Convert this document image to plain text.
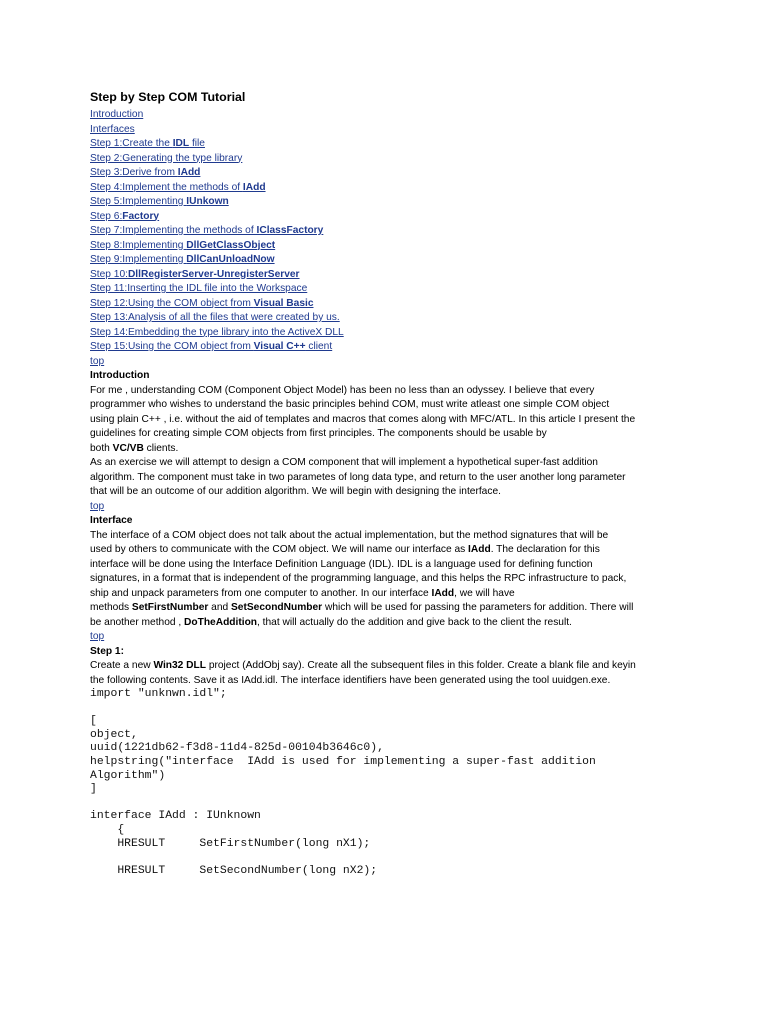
Step by Step COM Tutorial
Introduction
Interfaces
Step 1:Create the IDL file
Step 2:Generating the type library
Step 3:Derive from IAdd
Step 4:Implement the methods of IAdd
Step 5:Implementing IUnkown
Step 6:Factory
Step 7:Implementing the methods of IClassFactory
Step 8:Implementing DllGetClassObject
Step 9:Implementing DllCanUnloadNow
Step 10:DllRegisterServer-UnregisterServer
Step 11:Inserting the IDL file into the Workspace
Step 12:Using the COM object from Visual Basic
Step 13:Analysis of all the files that were created by us.
Step 14:Embedding the type library into the ActiveX DLL
Step 15:Using the COM object from Visual C++ client
top
Introduction
For me , understanding COM (Component Object Model) has been no less than an odyssey. I believe that every
programmer who wishes to understand the basic principles behind COM, must write atleast one simple COM object
using plain C++ , i.e. without the aid of templates and macros that comes along with MFC/ATL. In this article I present the
guidelines for creating simple COM objects from first principles. The components should be usable by
both VC/VB clients.
As an exercise we will attempt to design a COM component that will implement a hypothetical super-fast addition
algorithm. The component must take in two parametes of long data type, and return to the user another long parameter
that will be an outcome of our addition algorithm. We will begin with designing the interface.
top
Interface
The interface of a COM object does not talk about the actual implementation, but the method signatures that will be
used by others to communicate with the COM object. We will name our interface as IAdd. The declaration for this
interface will be done using the Interface Definition Language (IDL). IDL is a language used for defining function
signatures, in a format that is independent of the programming language, and this helps the RPC infrastructure to pack,
ship and unpack parameters from one computer to another. In our interface IAdd, we will have
methods SetFirstNumber and SetSecondNumber which will be used for passing the parameters for addition. There will
be another method , DoTheAddition, that will actually do the addition and give back to the client the result.
top
Step 1:
Create a new Win32 DLL project (AddObj say). Create all the subsequent files in this folder. Create a blank file and keyin
the following contents. Save it as IAdd.idl. The interface identifiers have been generated using the tool uuidgen.exe.
import "unknwn.idl";

[
object,
uuid(1221db62-f3d8-11d4-825d-00104b3646c0),
helpstring("interface  IAdd is used for implementing a super-fast addition
Algorithm")
]

interface IAdd : IUnknown
{
HRESULT     SetFirstNumber(long nX1);

HRESULT     SetSecondNumber(long nX2);
